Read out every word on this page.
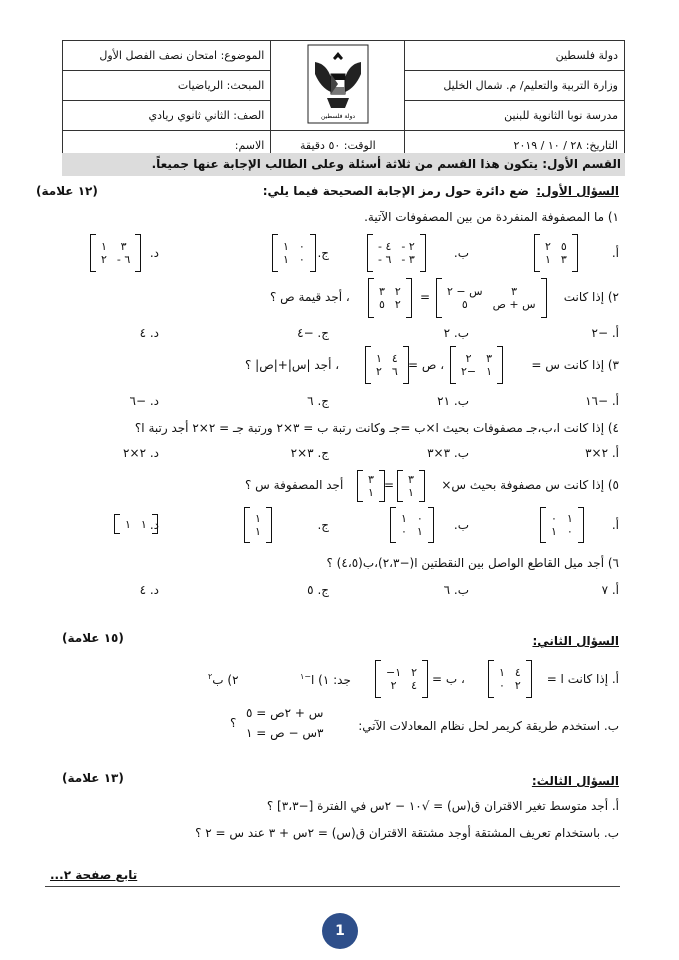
الموضوع: امتحان نصف الفصل الأول	دولة فلسطين	دولة فلسطين
المبحث: الرياضيات		وزارة التربية والتعليم/ م. شمال الخليل
الصف: الثاني ثانوي ريادي		مدرسة نوبا الثانوية للبنين
الاسم:	الوقت: ٥٠ دقيقة	التاريخ: ٢٨ / ١٠ / ٢٠١٩
القسم الأول: يتكون هذا القسم من ثلاثة أسئلة وعلى الطالب الإجابة عنها جميعاً.
السؤال الأول:
ضع دائرة حول رمز الإجابة الصحيحة فيما يلي:
(١٢ علامة)
١) ما المصفوفة المنفردة من بين المصفوفات الآتية.
أ.
٢	٥
١	٣
ب.
٤ -	٢ -
٦ -	٣ -
ج.
١	٠
١	٠
د.
١	٣
٢	٦ -
٢) إذا كانت
س − ٢	٣
٥	س + ص
=
٣	٢
٥	٢
، أجد قيمة ص ؟
أ. −٢
ب. ٢
ج. −٤
د. ٤
٣) إذا كانت س =
٢	٣
−٢	١
، ص =
١	٤
٢	٦
، أجد |س|+|ص| ؟
أ. −١٦
ب. ٢١
ج. ٦
د. −٦
٤) إذا كانت ا،ب،جـ مصفوفات بحيث ا×ب =جـ وكانت رتبة ب = ٣×٢ ورتبة جـ = ٢×٢ أجد رتبة ا؟
أ. ٢×٣
ب. ٣×٣
ج. ٣×٢
د. ٢×٢
٥) إذا كانت س مصفوفة بحيث س×
٣
١
=
٣
١
أجد المصفوفة س ؟
أ.
٠	١
١	٠
ب.
١	٠
٠	١
ج.
١
١
د.
١	١
٦) أجد ميل القاطع الواصل بين النقطتين ا(−٢،٣)،ب(٤،٥) ؟
أ. ٧
ب. ٦
ج. ٥
د. ٤
السؤال الثاني:
(١٥ علامة)
أ. إذا كانت ا =
١	٤
٠	٢
، ب =
١−	٢
٢	٤
جد: ١) ا$^{-١}$
٢) ب$^٢$
ب. استخدم طريقة كريمر لحل نظام المعادلات الآتي:
س + ٢ص = ٥
٣س − ص = ١
؟
السؤال الثالث:
(١٣ علامة)
أ. أجد متوسط تغير الاقتران ق(س) = √١٠ − ٢س في الفترة [−٣،٣] ؟
ب. باستخدام تعريف المشتقة أوجد مشتقة الاقتران ق(س) = ٢س + ٣ عند س = ٢ ؟
تابع صفحة ٢...
1
